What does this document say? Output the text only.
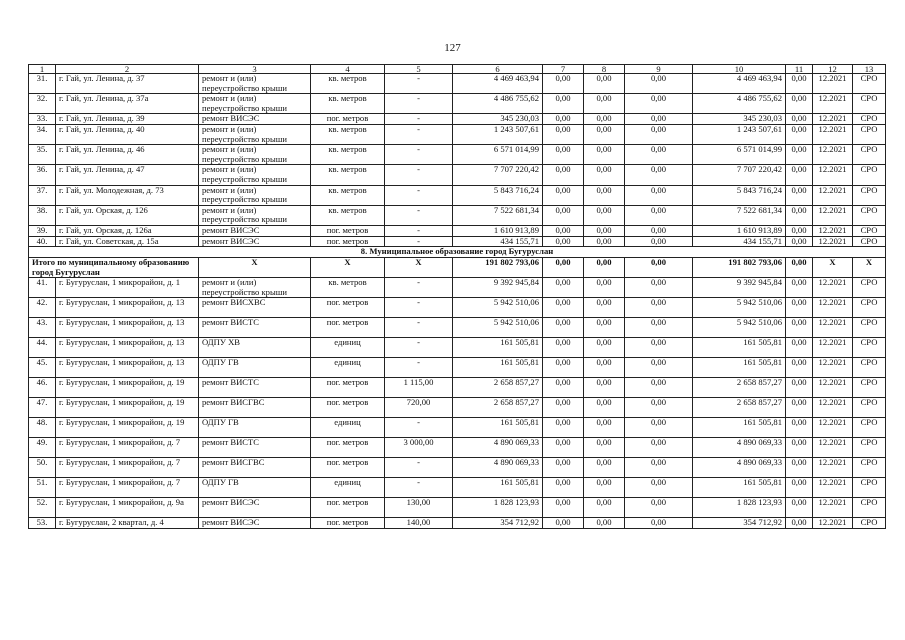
127
1	2	3	4	5	6	7	8	9	10	11	12	13
31.	г. Гай, ул. Ленина, д. 37	ремонт и (или) переустройство крыши	кв. метров	-	4 469 463,94	0,00	0,00	0,00	4 469 463,94	0,00	12.2021	СРО
32.	г. Гай, ул. Ленина, д. 37а	ремонт и (или) переустройство крыши	кв. метров	-	4 486 755,62	0,00	0,00	0,00	4 486 755,62	0,00	12.2021	СРО
33.	г. Гай, ул. Ленина, д. 39	ремонт ВИСЭС	пог. метров	-	345 230,03	0,00	0,00	0,00	345 230,03	0,00	12.2021	СРО
34.	г. Гай, ул. Ленина, д. 40	ремонт и (или) переустройство крыши	кв. метров	-	1 243 507,61	0,00	0,00	0,00	1 243 507,61	0,00	12.2021	СРО
35.	г. Гай, ул. Ленина, д. 46	ремонт и (или) переустройство крыши	кв. метров	-	6 571 014,99	0,00	0,00	0,00	6 571 014,99	0,00	12.2021	СРО
36.	г. Гай, ул. Ленина, д. 47	ремонт и (или) переустройство крыши	кв. метров	-	7 707 220,42	0,00	0,00	0,00	7 707 220,42	0,00	12.2021	СРО
37.	г. Гай, ул. Молодежная, д. 73	ремонт и (или) переустройство крыши	кв. метров	-	5 843 716,24	0,00	0,00	0,00	5 843 716,24	0,00	12.2021	СРО
38.	г. Гай, ул. Орская, д. 126	ремонт и (или) переустройство крыши	кв. метров	-	7 522 681,34	0,00	0,00	0,00	7 522 681,34	0,00	12.2021	СРО
39.	г. Гай, ул. Орская, д. 126а	ремонт ВИСЭС	пог. метров	-	1 610 913,89	0,00	0,00	0,00	1 610 913,89	0,00	12.2021	СРО
40.	г. Гай, ул. Советская, д. 15а	ремонт ВИСЭС	пог. метров	-	434 155,71	0,00	0,00	0,00	434 155,71	0,00	12.2021	СРО
8. Муниципальное образование город Бугуруслан												
Итого по муниципальному образованию город Бугуруслан		Х	Х	Х	191 802 793,06	0,00	0,00	0,00	191 802 793,06	0,00	Х	Х
41.	г. Бугуруслан, 1 микрорайон, д. 1	ремонт и (или) переустройство крыши	кв. метров	-	9 392 945,84	0,00	0,00	0,00	9 392 945,84	0,00	12.2021	СРО
42.	г. Бугуруслан, 1 микрорайон, д. 13	ремонт ВИСХВС	пог. метров	-	5 942 510,06	0,00	0,00	0,00	5 942 510,06	0,00	12.2021	СРО
43.	г. Бугуруслан, 1 микрорайон, д. 13	ремонт ВИСТС	пог. метров	-	5 942 510,06	0,00	0,00	0,00	5 942 510,06	0,00	12.2021	СРО
44.	г. Бугуруслан, 1 микрорайон, д. 13	ОДПУ ХВ	единиц	-	161 505,81	0,00	0,00	0,00	161 505,81	0,00	12.2021	СРО
45.	г. Бугуруслан, 1 микрорайон, д. 13	ОДПУ ГВ	единиц	-	161 505,81	0,00	0,00	0,00	161 505,81	0,00	12.2021	СРО
46.	г. Бугуруслан, 1 микрорайон, д. 19	ремонт ВИСТС	пог. метров	1 115,00	2 658 857,27	0,00	0,00	0,00	2 658 857,27	0,00	12.2021	СРО
47.	г. Бугуруслан, 1 микрорайон, д. 19	ремонт ВИСГВС	пог. метров	720,00	2 658 857,27	0,00	0,00	0,00	2 658 857,27	0,00	12.2021	СРО
48.	г. Бугуруслан, 1 микрорайон, д. 19	ОДПУ ГВ	единиц	-	161 505,81	0,00	0,00	0,00	161 505,81	0,00	12.2021	СРО
49.	г. Бугуруслан, 1 микрорайон, д. 7	ремонт ВИСТС	пог. метров	3 000,00	4 890 069,33	0,00	0,00	0,00	4 890 069,33	0,00	12.2021	СРО
50.	г. Бугуруслан, 1 микрорайон, д. 7	ремонт ВИСГВС	пог. метров	-	4 890 069,33	0,00	0,00	0,00	4 890 069,33	0,00	12.2021	СРО
51.	г. Бугуруслан, 1 микрорайон, д. 7	ОДПУ ГВ	единиц	-	161 505,81	0,00	0,00	0,00	161 505,81	0,00	12.2021	СРО
52.	г. Бугуруслан, 1 микрорайон, д. 9а	ремонт ВИСЭС	пог. метров	130,00	1 828 123,93	0,00	0,00	0,00	1 828 123,93	0,00	12.2021	СРО
53.	г. Бугуруслан, 2 квартал, д. 4	ремонт ВИСЭС	пог. метров	140,00	354 712,92	0,00	0,00	0,00	354 712,92	0,00	12.2021	СРО
